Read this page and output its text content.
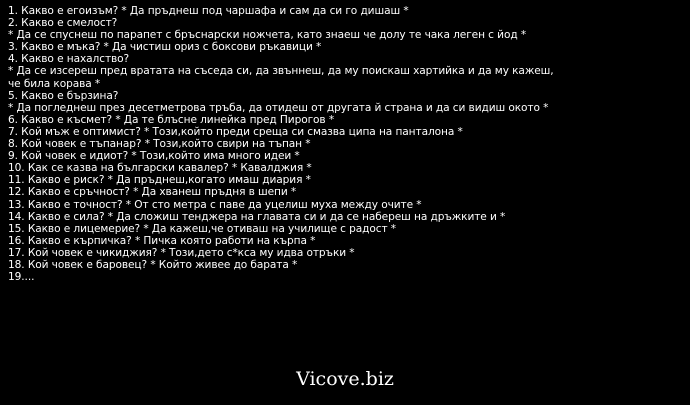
1. Какво е егоизъм? * Да пръднеш под чаршафа и сам да си го дишаш *
2. Какво е смелост?
* Да се спуснеш по парапет с бръснарски ножчета, като знаеш че долу те чака леген с йод *
3. Какво е мъка? * Да чистиш ориз с боксови ръкавици *
4. Какво е нахалство?
* Да се изсереш пред вратата на съседа си, да звъннеш, да му поискаш хартийка и да му кажеш,
че била корава *
5. Какво е бързина?
* Да погледнеш през десетметрова тръба, да отидеш от другата й страна и да си видиш окото *
6. Какво е късмет? * Да те блъсне линейка пред Пирогов *
7. Кой мъж е оптимист? * Този,който преди среща си смазва ципа на панталона *
8. Кой човек е тъпанар? * Този,който свири на тъпан *
9. Кой човек е идиот? * Този,който има много идеи *
10. Как се казва на български кавалер? * Кавалджия *
11. Какво е риск? * Да пръднеш,когато имаш диария *
12. Какво е сръчност? * Да хванеш пръдня в шепи *
13. Какво е точност? * От сто метра с паве да уцелиш муха между очите *
14. Какво е сила? * Да сложиш тенджера на главата си и да се набереш на дръжките и *
15. Какво е лицемерие? * Да кажеш,че отиваш на училище с радост *
16. Какво е кърпичка? * Пичка която работи на кърпа *
17. Кой човек е чикиджия? * Този,дето с*кса му идва отръки *
18. Кой човек е баровец? * Който живее до барата *
19....
Vicove.biz
